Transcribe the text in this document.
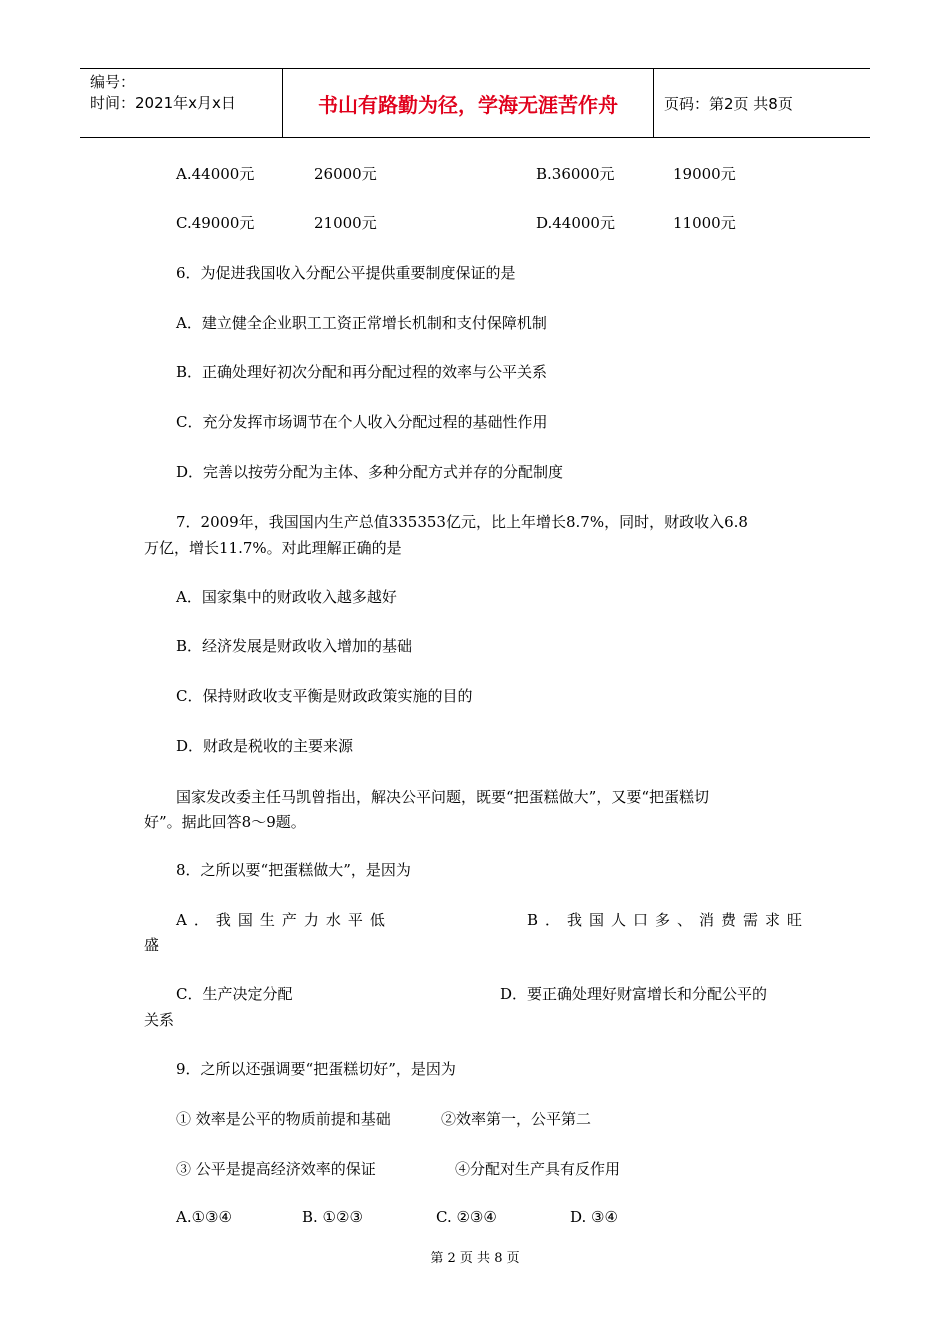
编号：
时间：2021年x月x日	书山有路勤为径，学海无涯苦作舟	页码：第2页 共8页
A.44000元	26000元	B.36000元	19000元
C.49000元	21000元	D.44000元	11000元
6．为促进我国收入分配公平提供重要制度保证的是
A．建立健全企业职工工资正常增长机制和支付保障机制
B．正确处理好初次分配和再分配过程的效率与公平关系
C．充分发挥市场调节在个人收入分配过程的基础性作用
D．完善以按劳分配为主体、多种分配方式并存的分配制度
7．2009年，我国国内生产总值335353亿元，比上年增长8.7%，同时，财政收入6.8
万亿，增长11.7%。对此理解正确的是
A．国家集中的财政收入越多越好
B．经济发展是财政收入增加的基础
C．保持财政收支平衡是财政政策实施的目的
D．财政是税收的主要来源
国家发改委主任马凯曾指出，解决公平问题，既要“把蛋糕做大”，又要“把蛋糕切
好”。据此回答8～9题。
8．之所以要“把蛋糕做大”，是因为
A．我国生产力水平低	B．我国人口多、消费需求旺
盛
C．生产决定分配	D．要正确处理好财富增长和分配公平的
关系
9．之所以还强调要“把蛋糕切好”，是因为
① 效率是公平的物质前提和基础	②效率第一，公平第二
③ 公平是提高经济效率的保证	④分配对生产具有反作用
A.①③④	B. ①②③	C. ②③④	D. ③④
第 2 页 共 8 页
